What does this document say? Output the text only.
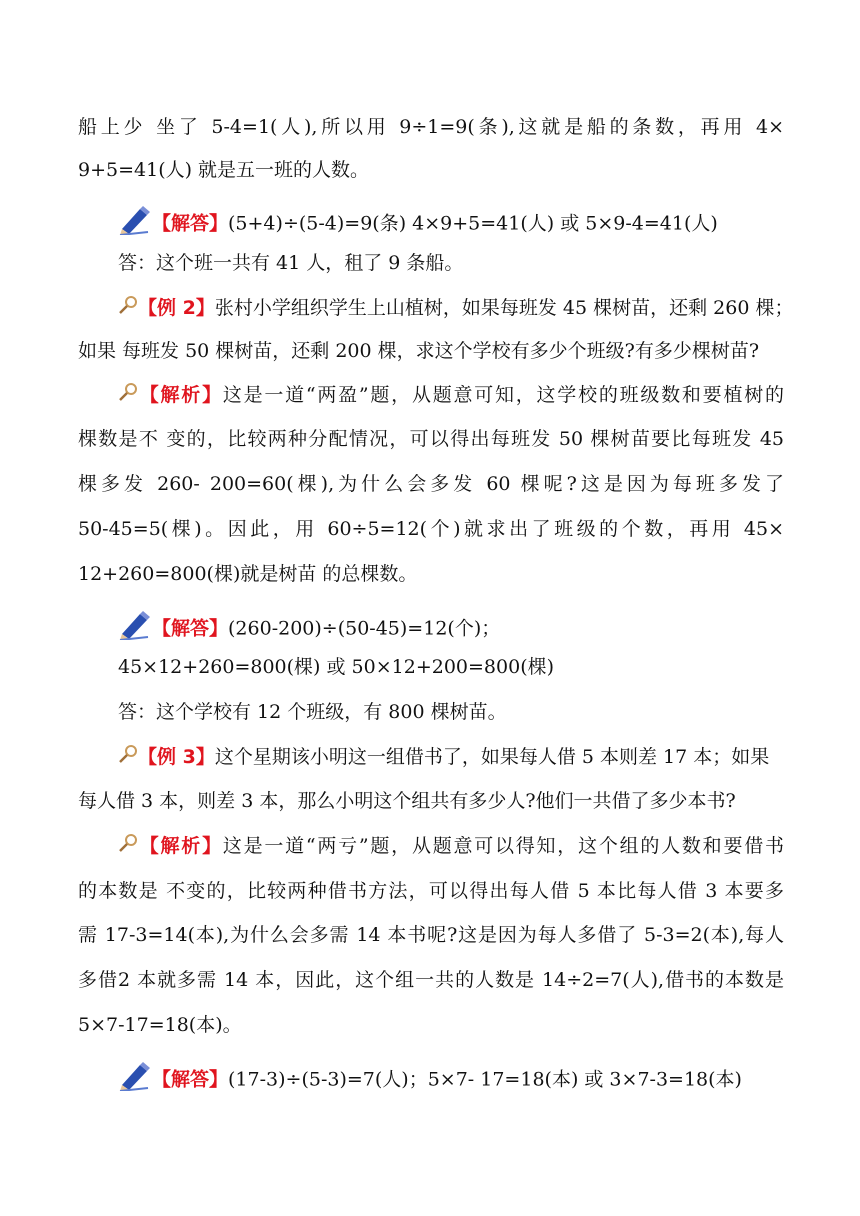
船上少 坐了 5-4=1(人),所以用 9÷1=9(条),这就是船的条数，再用 4×
9+5=41(人) 就是五一班的人数。
【解答】(5+4)÷(5-4)=9(条) 4×9+5=41(人) 或 5×9-4=41(人)
答：这个班一共有 41 人，租了 9 条船。
【例 2】张村小学组织学生上山植树，如果每班发 45 棵树苗，还剩 260 棵；
如果 每班发 50 棵树苗，还剩 200 棵，求这个学校有多少个班级?有多少棵树苗?
【解析】这是一道“两盈”题，从题意可知，这学校的班级数和要植树的
棵数是不 变的，比较两种分配情况，可以得出每班发 50 棵树苗要比每班发 45
棵多发 260- 200=60(棵),为什么会多发 60 棵呢?这是因为每班多发了
50-45=5(棵)。因此，用 60÷5=12(个)就求出了班级的个数，再用 45×
12+260=800(棵)就是树苗 的总棵数。
【解答】(260-200)÷(50-45)=12(个)；
45×12+260=800(棵) 或 50×12+200=800(棵)
答：这个学校有 12 个班级，有 800 棵树苗。
【例 3】这个星期该小明这一组借书了，如果每人借 5 本则差 17 本；如果
每人借 3 本，则差 3 本，那么小明这个组共有多少人?他们一共借了多少本书?
【解析】这是一道“两亏”题，从题意可以得知，这个组的人数和要借书
的本数是 不变的，比较两种借书方法，可以得出每人借 5 本比每人借 3 本要多
需 17-3=14(本),为什么会多需 14 本书呢?这是因为每人多借了 5-3=2(本),每人
多借2 本就多需 14 本，因此，这个组一共的人数是 14÷2=7(人),借书的本数是
5×7-17=18(本)。
【解答】(17-3)÷(5-3)=7(人)；5×7- 17=18(本) 或 3×7-3=18(本)
